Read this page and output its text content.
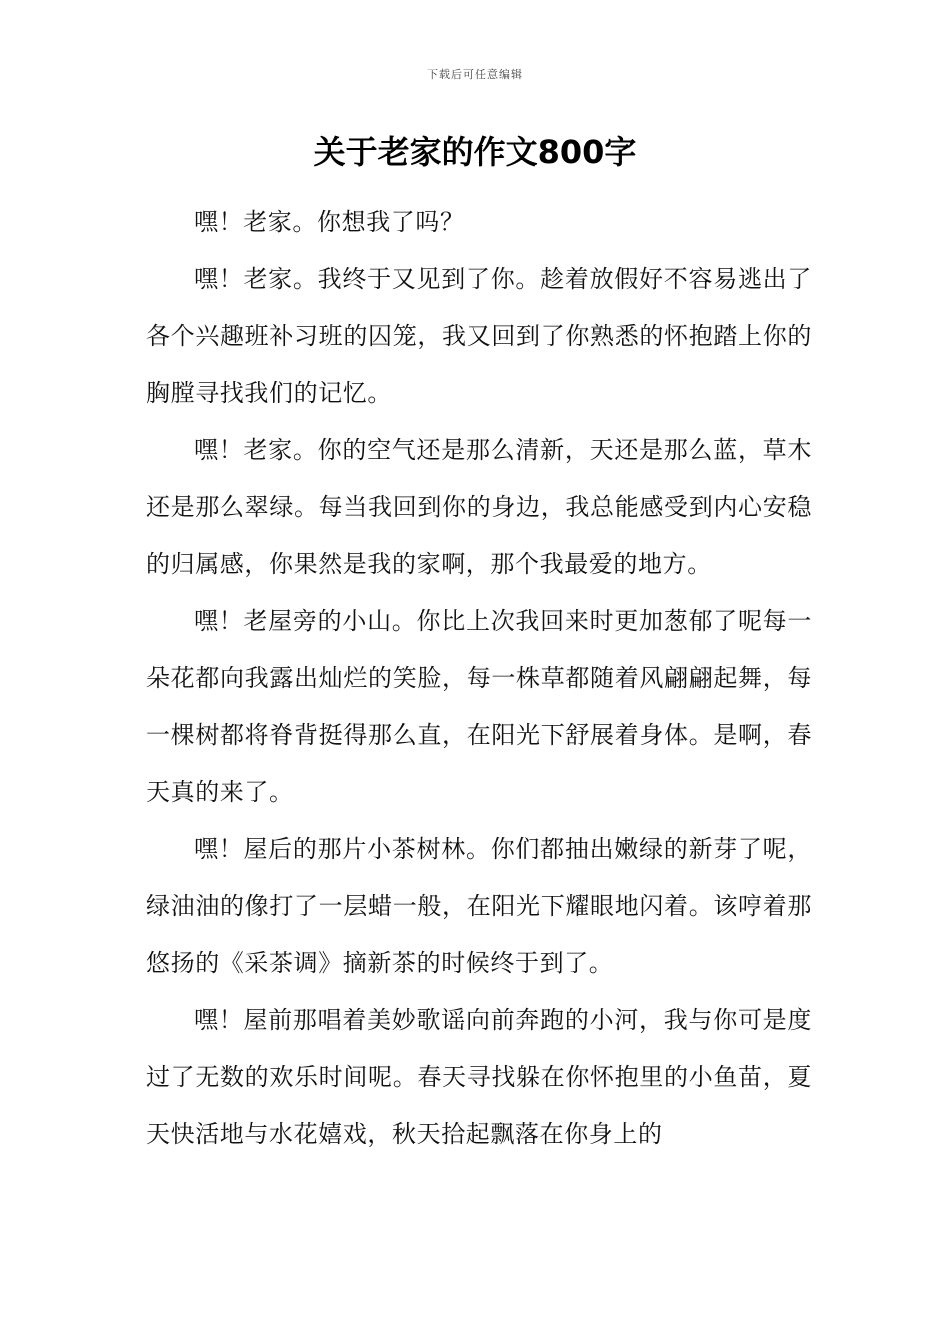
下载后可任意编辑
关于老家的作文800字

嘿！老家。你想我了吗？

嘿！老家。我终于又见到了你。趁着放假好不容易逃出了各个兴趣班补习班的囚笼，我又回到了你熟悉的怀抱踏上你的胸膛寻找我们的记忆。

嘿！老家。你的空气还是那么清新，天还是那么蓝，草木还是那么翠绿。每当我回到你的身边，我总能感受到内心安稳的归属感，你果然是我的家啊，那个我最爱的地方。

嘿！老屋旁的小山。你比上次我回来时更加葱郁了呢每一朵花都向我露出灿烂的笑脸，每一株草都随着风翩翩起舞，每一棵树都将脊背挺得那么直，在阳光下舒展着身体。是啊，春天真的来了。

嘿！屋后的那片小茶树林。你们都抽出嫩绿的新芽了呢，绿油油的像打了一层蜡一般，在阳光下耀眼地闪着。该哼着那悠扬的《采茶调》摘新茶的时候终于到了。

嘿！屋前那唱着美妙歌谣向前奔跑的小河，我与你可是度过了无数的欢乐时间呢。春天寻找躲在你怀抱里的小鱼苗，夏天快活地与水花嬉戏，秋天拾起飘落在你身上的
